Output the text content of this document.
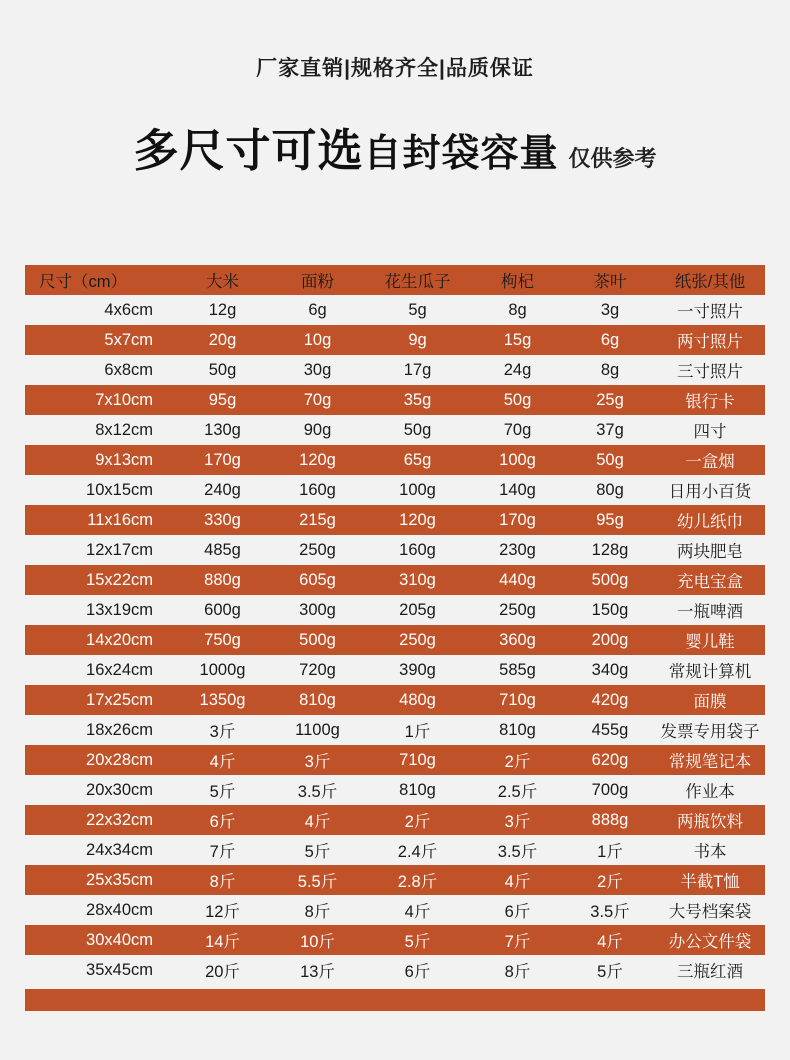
厂家直销|规格齐全|品质保证
多尺寸可选自封袋容量 仅供参考
尺寸（cm）	大米	面粉	花生瓜子	枸杞	茶叶	纸张/其他
4x6cm	12g	6g	5g	8g	3g	一寸照片
5x7cm	20g	10g	9g	15g	6g	两寸照片
6x8cm	50g	30g	17g	24g	8g	三寸照片
7x10cm	95g	70g	35g	50g	25g	银行卡
8x12cm	130g	90g	50g	70g	37g	四寸
9x13cm	170g	120g	65g	100g	50g	一盒烟
10x15cm	240g	160g	100g	140g	80g	日用小百货
11x16cm	330g	215g	120g	170g	95g	幼儿纸巾
12x17cm	485g	250g	160g	230g	128g	两块肥皂
15x22cm	880g	605g	310g	440g	500g	充电宝盒
13x19cm	600g	300g	205g	250g	150g	一瓶啤酒
14x20cm	750g	500g	250g	360g	200g	婴儿鞋
16x24cm	1000g	720g	390g	585g	340g	常规计算机
17x25cm	1350g	810g	480g	710g	420g	面膜
18x26cm	3斤	1100g	1斤	810g	455g	发票专用袋子
20x28cm	4斤	3斤	710g	2斤	620g	常规笔记本
20x30cm	5斤	3.5斤	810g	2.5斤	700g	作业本
22x32cm	6斤	4斤	2斤	3斤	888g	两瓶饮料
24x34cm	7斤	5斤	2.4斤	3.5斤	1斤	书本
25x35cm	8斤	5.5斤	2.8斤	4斤	2斤	半截T恤
28x40cm	12斤	8斤	4斤	6斤	3.5斤	大号档案袋
30x40cm	14斤	10斤	5斤	7斤	4斤	办公文件袋
35x45cm	20斤	13斤	6斤	8斤	5斤	三瓶红酒
